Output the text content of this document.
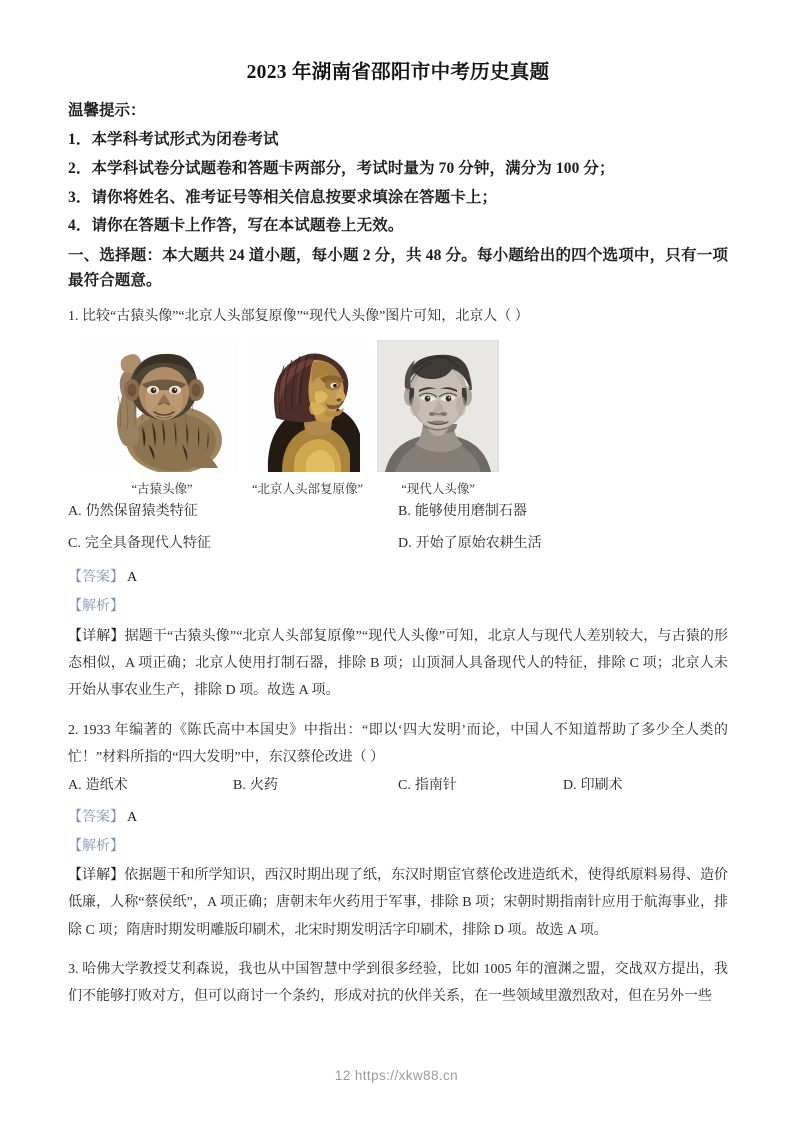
2023 年湖南省邵阳市中考历史真题
温馨提示：
1．本学科考试形式为闭卷考试
2．本学科试卷分试题卷和答题卡两部分，考试时量为 70 分钟，满分为 100 分；
3．请你将姓名、准考证号等相关信息按要求填涂在答题卡上；
4．请你在答题卡上作答，写在本试题卷上无效。
一、选择题：本大题共 24 道小题，每小题 2 分，共 48 分。每小题给出的四个选项中，只有一项最符合题意。
1. 比较“古猿头像”“北京人头部复原像”“现代人头像”图片可知，北京人（ ）
“古猿头像”	“北京人头部复原像”	“现代人头像”
A. 仍然保留猿类特征	B. 能够使用磨制石器
C. 完全具备现代人特征	D. 开始了原始农耕生活
【答案】 A
【解析】
【详解】据题干“古猿头像”“北京人头部复原像”“现代人头像”可知，北京人与现代人差别较大，与古猿的形态相似，A 项正确；北京人使用打制石器，排除 B 项；山顶洞人具备现代人的特征，排除 C 项；北京人未开始从事农业生产，排除 D 项。故选 A 项。
2. 1933 年编著的《陈氏高中本国史》中指出：“即以‘四大发明’而论，中国人不知道帮助了多少全人类的忙！”材料所指的“四大发明”中，东汉蔡伦改进（ ）
A. 造纸术	B. 火药	C. 指南针	D. 印刷术
【答案】 A
【解析】
【详解】依据题干和所学知识，西汉时期出现了纸，东汉时期宦官蔡伦改进造纸术，使得纸原料易得、造价低廉，人称“蔡侯纸”，A 项正确；唐朝末年火药用于军事，排除 B 项；宋朝时期指南针应用于航海事业，排除 C 项；隋唐时期发明雕版印刷术，北宋时期发明活字印刷术，排除 D 项。故选 A 项。
3. 哈佛大学教授艾利森说，我也从中国智慧中学到很多经验，比如 1005 年的澶渊之盟，交战双方提出，我们不能够打败对方，但可以商讨一个条约，形成对抗的伙伴关系，在一些领域里激烈敌对，但在另外一些
12 https://xkw88.cn
